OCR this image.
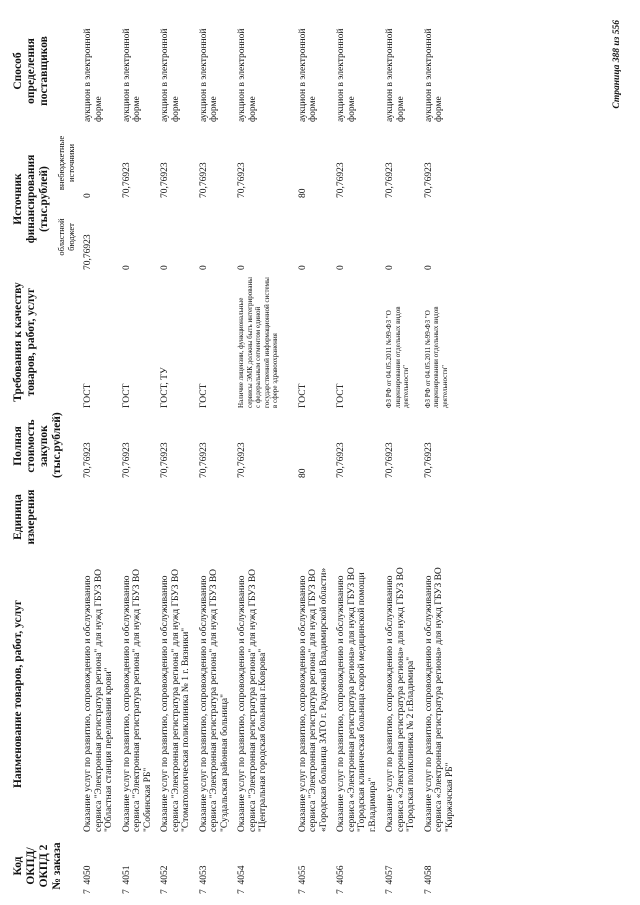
Код ОКПД/ ОКПД 2 № заказа	Наименование товаров, работ, услуг	Единица измерения	Полная стоимость закупок (тыс.рублей)	Требования к качеству товаров, работ, услуг	Источник финансирования (тыс.рублей)		Способ определения поставщиков
					областной бюджет	внебюджетные источники	
7  4050	Оказание услуг по развитию, сопровождению и обслуживанию сервиса "Электронная регистратура региона" для нужд ГБУЗ ВО "Областная станция переливания крови"		70,76923	ГОСТ	70,76923	0	аукцион в электронной форме
7  4051	Оказание услуг по развитию, сопровождению и обслуживанию сервиса "Электронная регистратура региона" для нужд ГБУЗ ВО "Собинская РБ"		70,76923	ГОСТ	0	70,76923	аукцион в электронной форме
7  4052	Оказание услуг по развитию, сопровождению и обслуживанию сервиса "Электронная регистратура региона" для нужд ГБУЗ ВО "Стоматологическая поликлиника № 1 г. Вязники"		70,76923	ГОСТ, ТУ	0	70,76923	аукцион в электронной форме
7  4053	Оказание услуг по развитию, сопровождению и обслуживанию сервиса "Электронная регистратура региона" для нужд ГБУЗ ВО "Суздальская районная больница"		70,76923	ГОСТ	0	70,76923	аукцион в электронной форме
7  4054	Оказание услуг по развитию, сопровождению и обслуживанию сервиса "Электронная регистратура региона" для нужд ГБУЗ ВО "Центральная городская больница г.Коврова"		70,76923	Наличие лицензии, функциональные сервисы ЭМК должны быть интегрированы с федеральным сегментом единой государственной информационной системы в сфере здравоохранения	0	70,76923	аукцион в электронной форме
7  4055	Оказание услуг по развитию, сопровождению и обслуживанию сервиса "Электронная регистратура региона" для нужд ГБУЗ ВО «Городская больница ЗАТО г. Радужный Владимирской области»		80	ГОСТ	0	80	аукцион в электронной форме
7  4056	Оказание услуг по развитию, сопровождению и обслуживанию сервиса «Электронная регистратура региона» для нужд ГБУЗ ВО "Городская клиническая больница скорой медицинской помощи г.Владимира"		70,76923	ГОСТ	0	70,76923	аукцион в электронной форме
7  4057	Оказание услуг по развитию, сопровождению и обслуживанию сервиса «Электронная регистратура региона» для нужд ГБУЗ ВО "Городская поликлиника № 2 г.Владимира"		70,76923	ФЗ РФ от 04.05.2011 №99-ФЗ "О лицензировании отдельных видов деятельности"	0	70,76923	аукцион в электронной форме
7  4058	Оказание услуг по развитию, сопровождению и обслуживанию сервиса «Электронная регистратура региона» для нужд ГБУЗ ВО "Киржачская РБ"		70,76923	ФЗ РФ от 04.05.2011 №99-ФЗ "О лицензировании отдельных видов деятельности"	0	70,76923	аукцион в электронной форме
Страница 388 из 556
